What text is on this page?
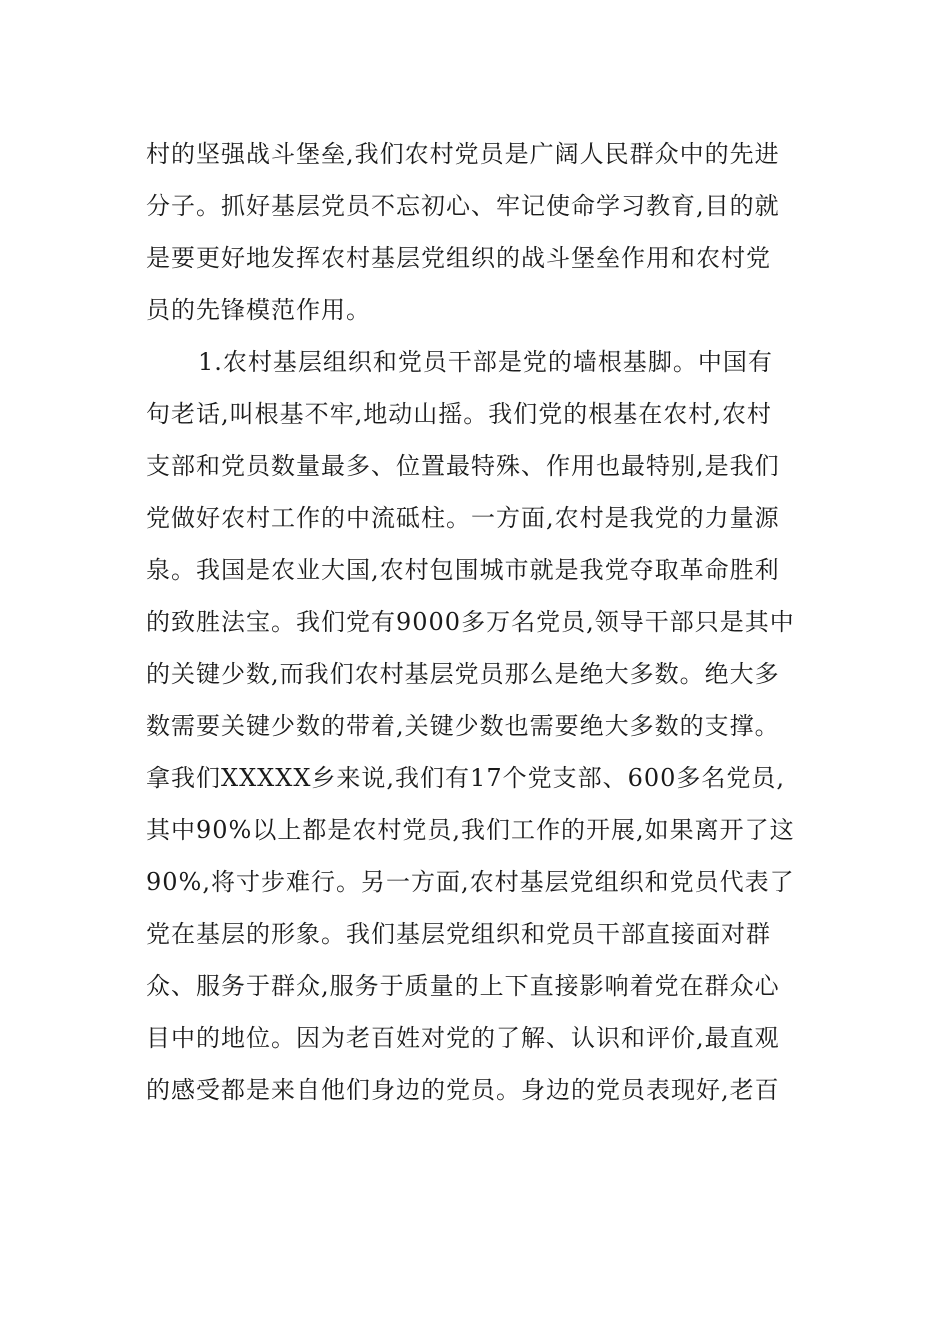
村的坚强战斗堡垒,我们农村党员是广阔人民群众中的先进
分子。抓好基层党员不忘初心、牢记使命学习教育,目的就
是要更好地发挥农村基层党组织的战斗堡垒作用和农村党
员的先锋模范作用。
1.农村基层组织和党员干部是党的墙根基脚。中国有
句老话,叫根基不牢,地动山摇。我们党的根基在农村,农村
支部和党员数量最多、位置最特殊、作用也最特别,是我们
党做好农村工作的中流砥柱。一方面,农村是我党的力量源
泉。我国是农业大国,农村包围城市就是我党夺取革命胜利
的致胜法宝。我们党有9000多万名党员,领导干部只是其中
的关键少数,而我们农村基层党员那么是绝大多数。绝大多
数需要关键少数的带着,关键少数也需要绝大多数的支撑。
拿我们XXXXX乡来说,我们有17个党支部、600多名党员,
其中90%以上都是农村党员,我们工作的开展,如果离开了这
90%,将寸步难行。另一方面,农村基层党组织和党员代表了
党在基层的形象。我们基层党组织和党员干部直接面对群
众、服务于群众,服务于质量的上下直接影响着党在群众心
目中的地位。因为老百姓对党的了解、认识和评价,最直观
的感受都是来自他们身边的党员。身边的党员表现好,老百
